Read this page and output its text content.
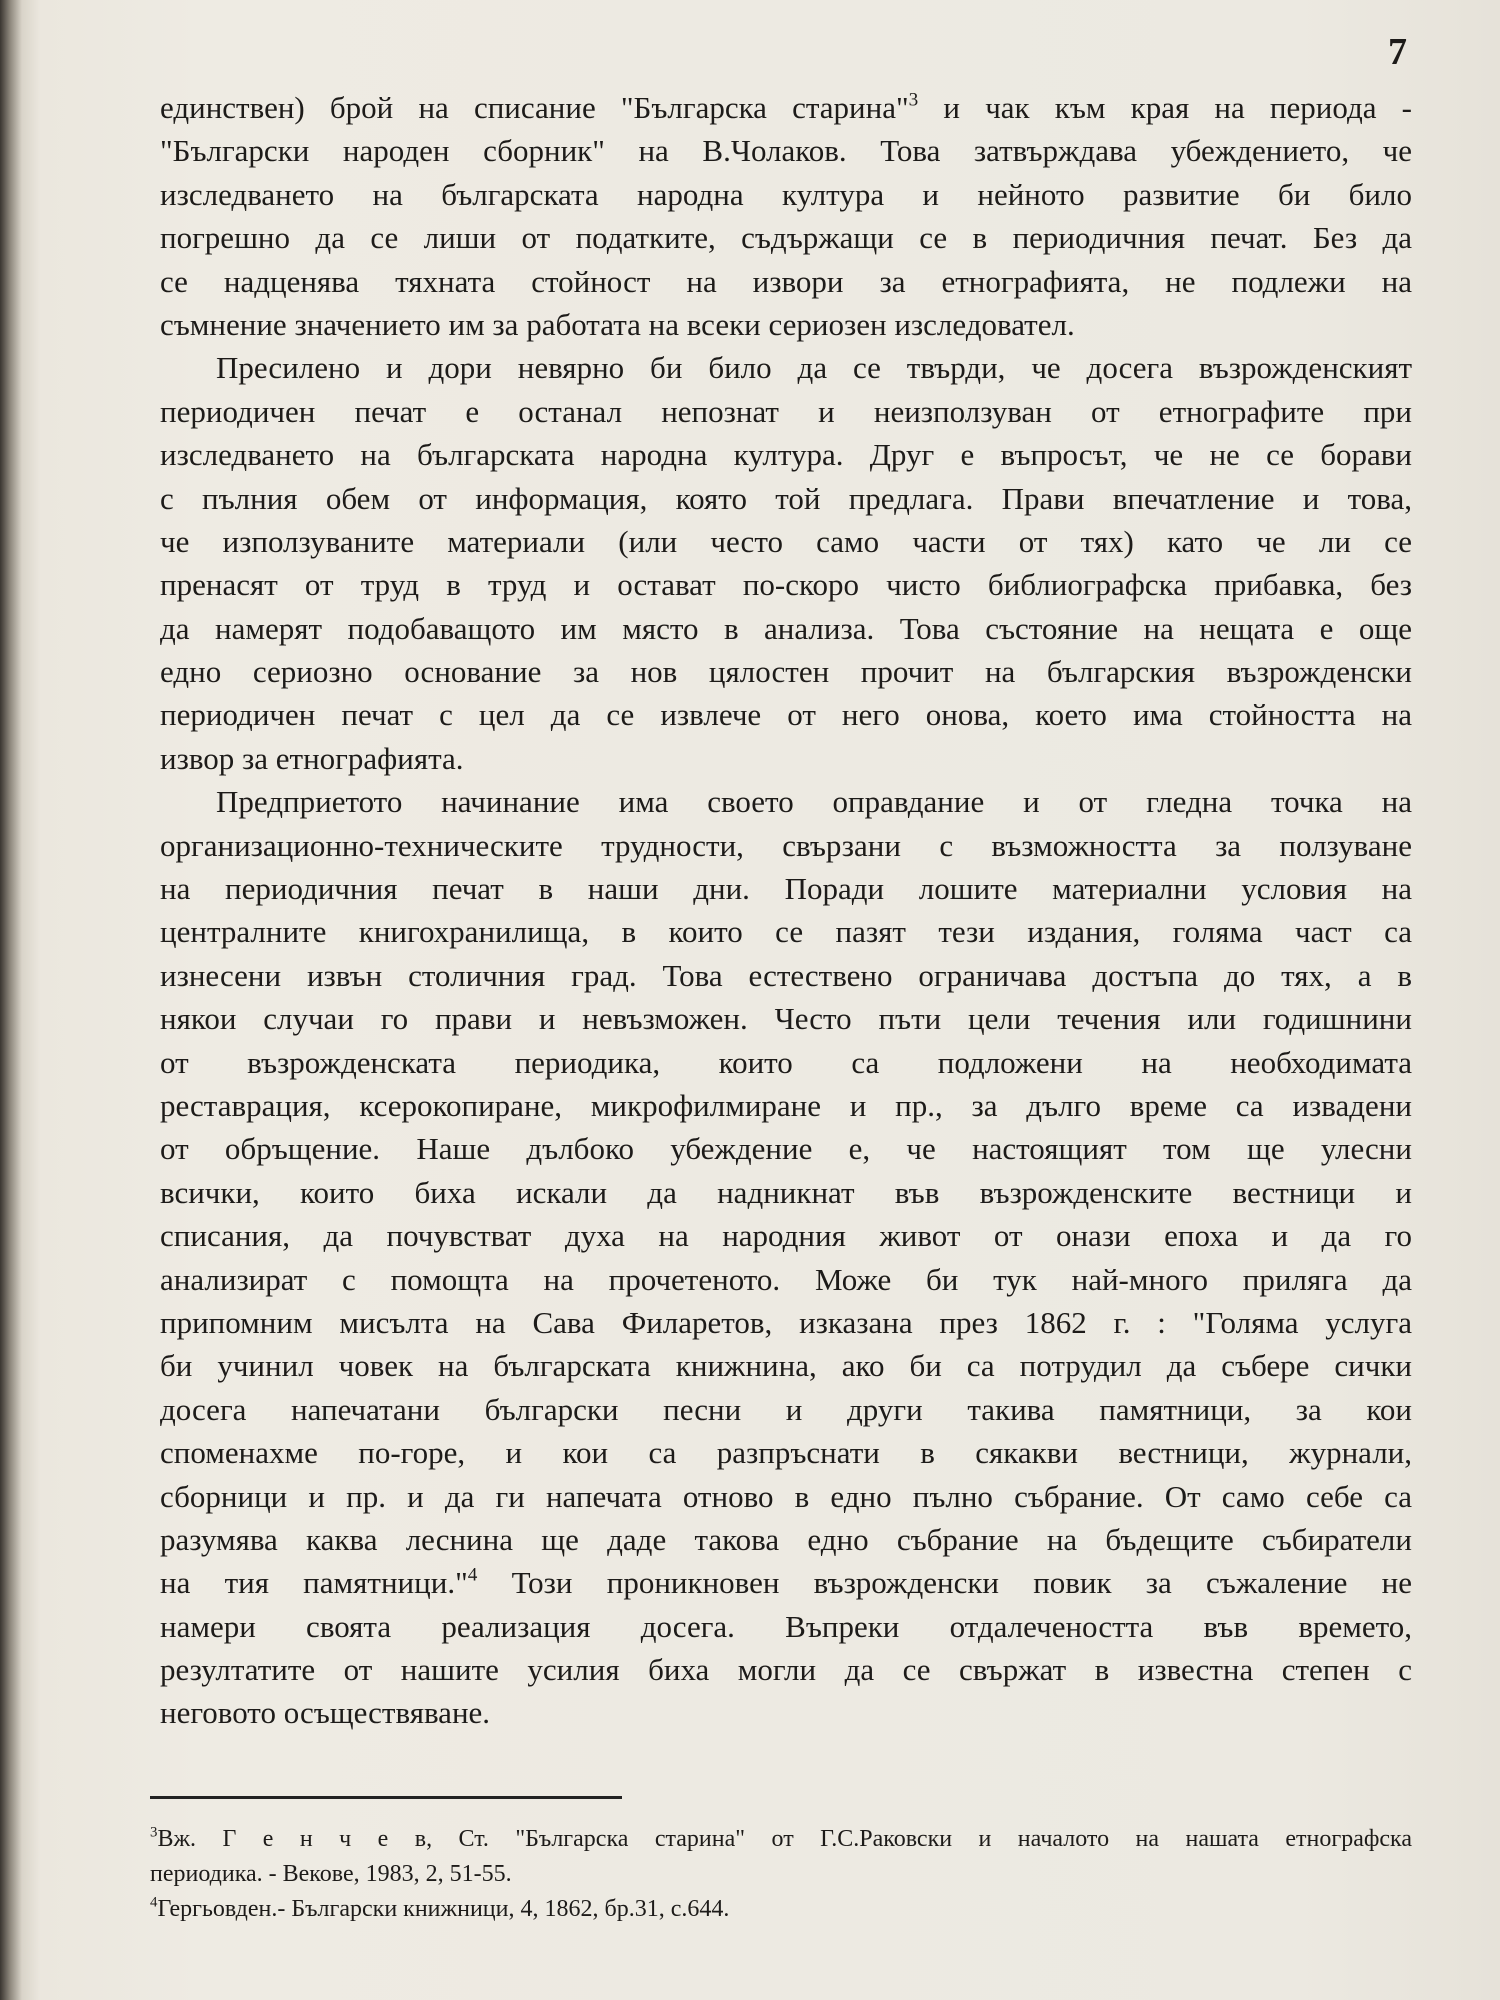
7
единствен) брой на списание "Българска старина"$^3$ и чак към края на периода -
"Български народен сборник" на В.Чолаков. Това затвърждава убеждението, че
изследването на българската народна култура и нейното развитие би било
погрешно да се лиши от податките, съдържащи се в периодичния печат. Без да
се надценява тяхната стойност на извори за етнографията, не подлежи на
съмнение значението им за работата на всеки сериозен изследовател.
Пресилено и дори невярно би било да се твърди, че досега възрожденският
периодичен печат е останал непознат и неизползуван от етнографите при
изследването на българската народна култура. Друг е въпросът, че не се борави
с пълния обем от информация, която той предлага. Прави впечатление и това,
че използуваните материали (или често само части от тях) като че ли се
пренасят от труд в труд и остават по-скоро чисто библиографска прибавка, без
да намерят подобаващото им място в анализа. Това състояние на нещата е още
едно сериозно основание за нов цялостен прочит на българския възрожденски
периодичен печат с цел да се извлече от него онова, което има стойността на
извор за етнографията.
Предприетото начинание има своето оправдание и от гледна точка на
организационно-техническите трудности, свързани с възможността за ползуване
на периодичния печат в наши дни. Поради лошите материални условия на
централните книгохранилища, в които се пазят тези издания, голяма част са
изнесени извън столичния град. Това естествено ограничава достъпа до тях, а в
някои случаи го прави и невъзможен. Често пъти цели течения или годишнини
от възрожденската периодика, които са подложени на необходимата
реставрация, ксерокопиране, микрофилмиране и пр., за дълго време са извадени
от обръщение. Наше дълбоко убеждение е, че настоящият том ще улесни
всички, които биха искали да надникнат във възрожденските вестници и
списания, да почувстват духа на народния живот от онази епоха и да го
анализират с помощта на прочетеното. Може би тук най-много приляга да
припомним мисълта на Сава Филаретов, изказана през 1862 г. : "Голяма услуга
би учинил човек на българската книжнина, ако би са потрудил да събере сички
досега напечатани български песни и други такива памятници, за кои
споменахме по-горе, и кои са разпръснати в сякакви вестници, журнали,
сборници и пр. и да ги напечата отново в едно пълно събрание. От само себе са
разумява каква леснина ще даде такова едно събрание на бъдещите събиратели
на тия памятници."$^4$ Този проникновен възрожденски повик за съжаление не
намери своята реализация досега. Въпреки отдалечеността във времето,
резултатите от нашите усилия биха могли да се свържат в известна степен с
неговото осъществяване.
$^3$Вж. Г е н ч е в, Ст. "Българска старина" от Г.С.Раковски и началото на нашата етнографска
периодика. - Векове, 1983, 2, 51-55.
$^4$Гергьовден.- Български книжници, 4, 1862, бр.31, с.644.
